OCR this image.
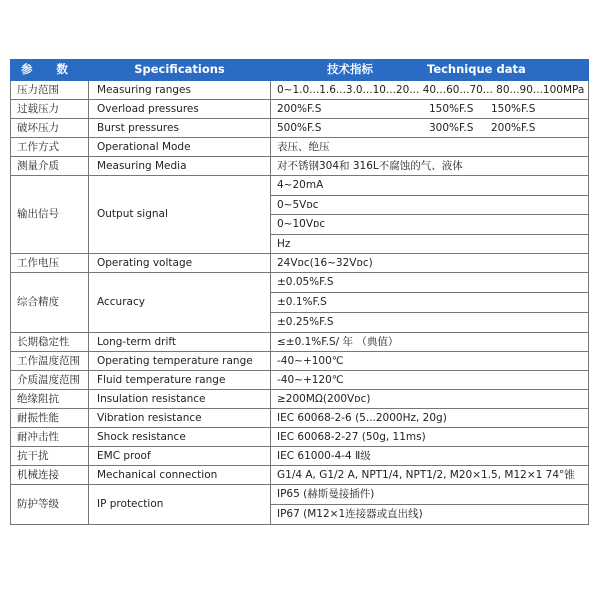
参 数	Specifications	技术指标 Technique data
压力范围	Measuring ranges	0~1.0...1.6...3.0...10...20... 40...60...70... 80...90...100MPa
过载压力	Overload pressures	200%F.S 150%F.S 150%F.S

破坏压力	Burst pressures	500%F.S 300%F.S 200%F.S

工作方式	Operational Mode	表压、绝压
测量介质	Measuring Media	对不锈钢304和 316L不腐蚀的气、液体
输出信号	Output signal	4~20mA
		0~5Vᴅᴄ
		0~10Vᴅᴄ
		Hz
工作电压	Operating voltage	24Vᴅᴄ(16~32Vᴅᴄ)
综合精度	Accuracy	±0.05%F.S
		±0.1%F.S
		±0.25%F.S
长期稳定性	Long-term drift	≤±0.1%F.S/ 年 （典值）
工作温度范围	Operating temperature range	-40~+100℃
介质温度范围	Fluid temperature range	-40~+120℃
绝缘阻抗	Insulation resistance	≥200MΩ(200Vᴅᴄ)
耐振性能	Vibration resistance	IEC 60068-2-6 (5...2000Hz, 20g)
耐冲击性	Shock resistance	IEC 60068-2-27 (50g, 11ms)
抗干扰	EMC proof	IEC 61000-4-4 Ⅱ级
机械连接	Mechanical connection	G1/4 A, G1/2 A, NPT1/4, NPT1/2, M20×1.5, M12×1 74°锥
防护等级	IP protection	IP65 (赫斯曼接插件)
		IP67 (M12×1连接器或直出线)
